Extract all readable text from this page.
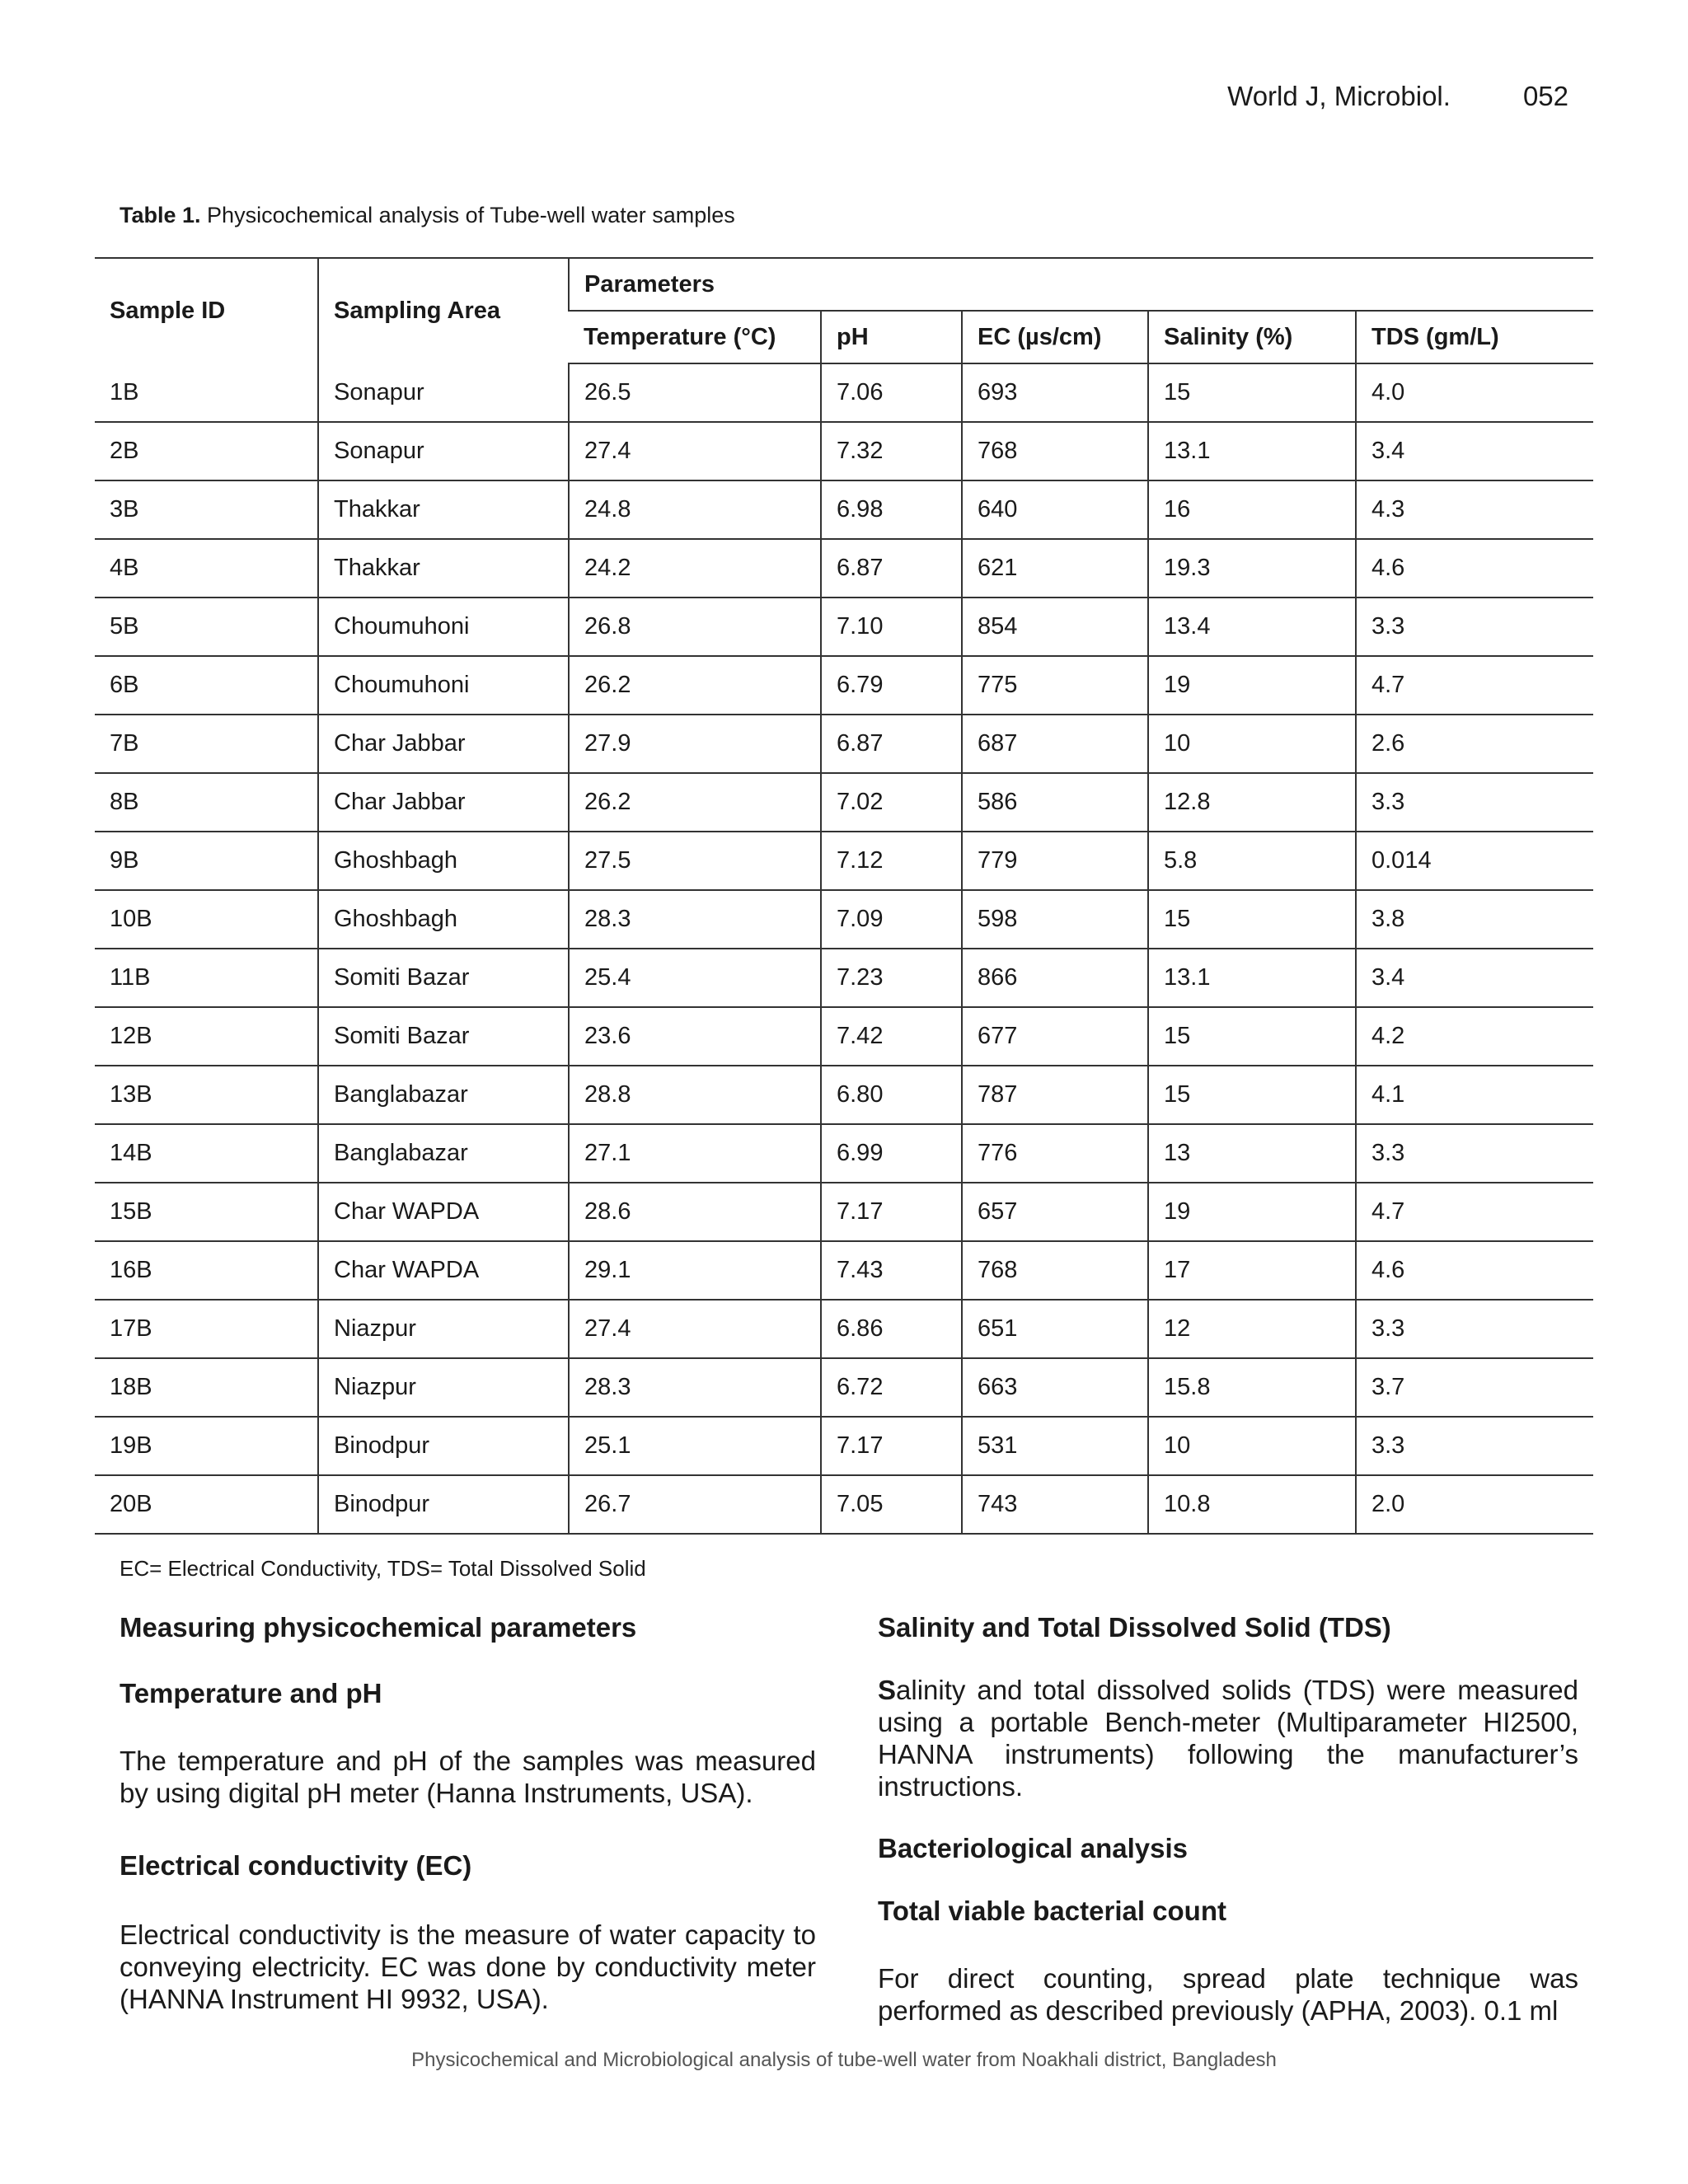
World J, Microbiol.	052
Table 1. Physicochemical analysis of Tube-well water samples
Sample ID	Sampling Area	Parameters				
		Temperature (°C)	pH	EC (µs/cm)	Salinity (%)	TDS (gm/L)
1B	Sonapur	26.5	7.06	693	15	4.0
2B	Sonapur	27.4	7.32	768	13.1	3.4
3B	Thakkar	24.8	6.98	640	16	4.3
4B	Thakkar	24.2	6.87	621	19.3	4.6
5B	Choumuhoni	26.8	7.10	854	13.4	3.3
6B	Choumuhoni	26.2	6.79	775	19	4.7
7B	Char Jabbar	27.9	6.87	687	10	2.6
8B	Char Jabbar	26.2	7.02	586	12.8	3.3
9B	Ghoshbagh	27.5	7.12	779	5.8	0.014
10B	Ghoshbagh	28.3	7.09	598	15	3.8
11B	Somiti Bazar	25.4	7.23	866	13.1	3.4
12B	Somiti Bazar	23.6	7.42	677	15	4.2
13B	Banglabazar	28.8	6.80	787	15	4.1
14B	Banglabazar	27.1	6.99	776	13	3.3
15B	Char WAPDA	28.6	7.17	657	19	4.7
16B	Char WAPDA	29.1	7.43	768	17	4.6
17B	Niazpur	27.4	6.86	651	12	3.3
18B	Niazpur	28.3	6.72	663	15.8	3.7
19B	Binodpur	25.1	7.17	531	10	3.3
20B	Binodpur	26.7	7.05	743	10.8	2.0
EC= Electrical Conductivity, TDS= Total Dissolved Solid
Measuring physicochemical parameters
Temperature and pH

The temperature and pH of the samples was measured by using digital pH meter (Hanna Instruments, USA).

Electrical conductivity (EC)

Electrical conductivity is the measure of water capacity to conveying electricity. EC was done by conductivity meter (HANNA Instrument HI 9932, USA).

Salinity and Total Dissolved Solid (TDS)

Salinity and total dissolved solids (TDS) were measured using a portable Bench-meter (Multiparameter HI2500, HANNA instruments) following the manufacturer’s instructions.

Bacteriological analysis
Total viable bacterial count

For direct counting, spread plate technique was performed as described previously (APHA, 2003). 0.1 ml

Physicochemical and Microbiological analysis of tube-well water from Noakhali district, Bangladesh
